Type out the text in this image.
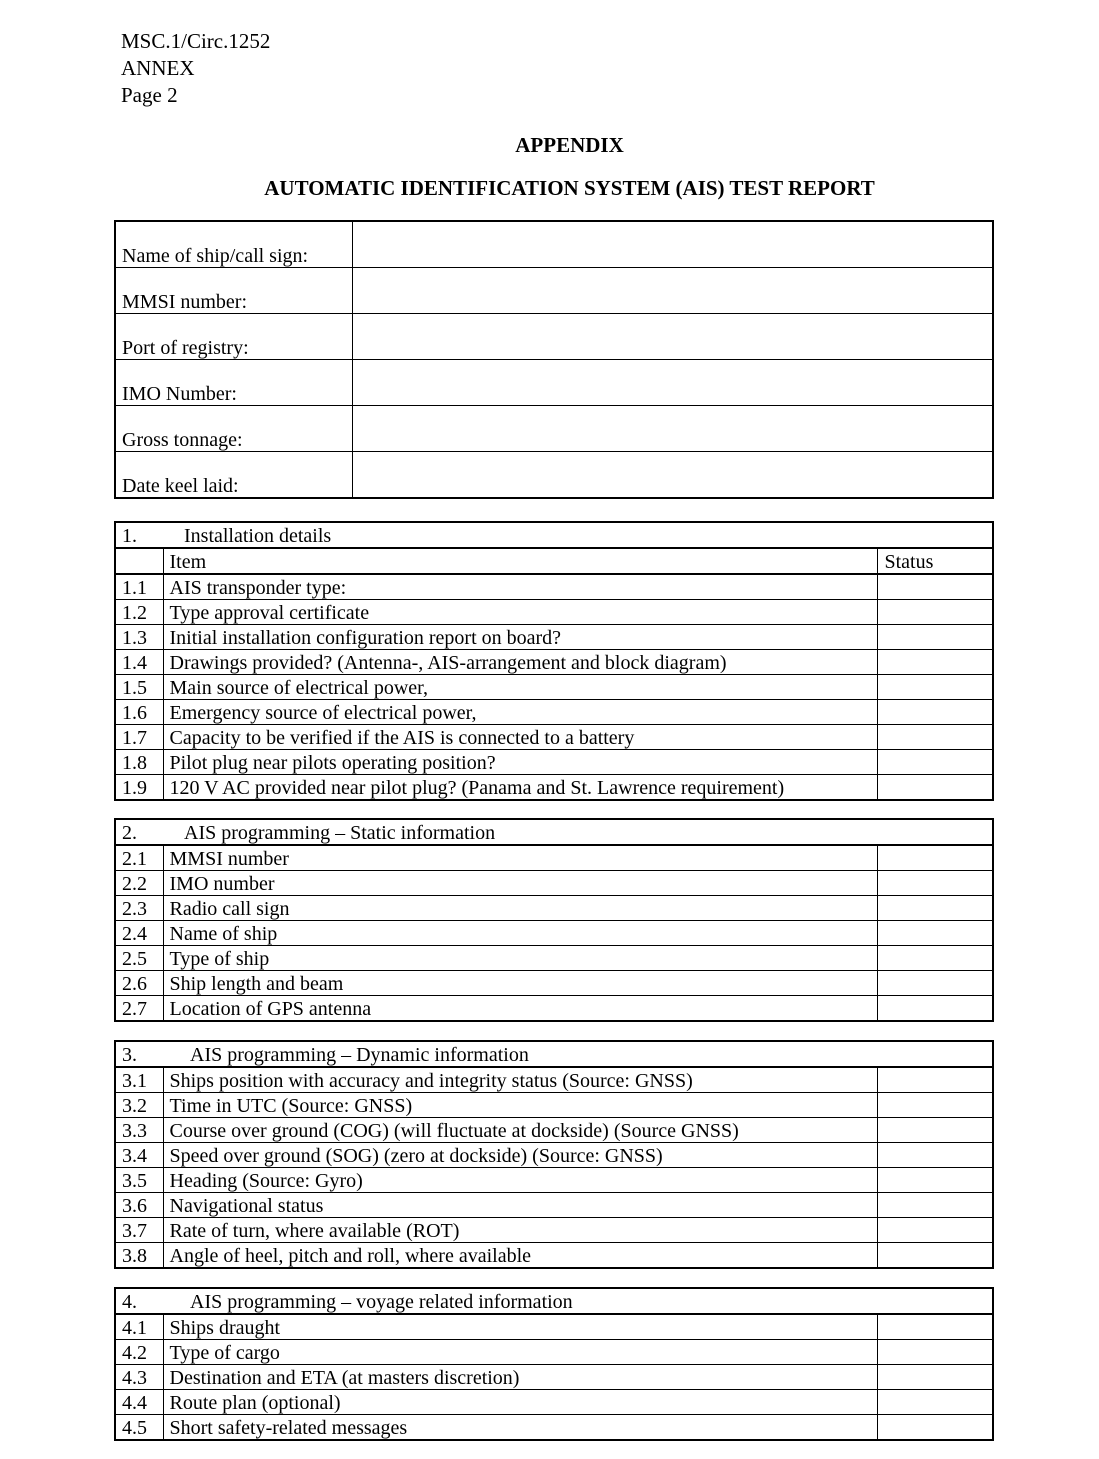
MSC.1/Circ.1252
ANNEX
Page 2
APPENDIX
AUTOMATIC IDENTIFICATION SYSTEM (AIS) TEST REPORT
Name of ship/call sign:	
MMSI number:	
Port of registry:	
IMO Number:	
Gross tonnage:	
Date keel laid:	
1. Installation details		
	Item	Status
1.1	AIS transponder type:	
1.2	Type approval certificate	
1.3	Initial installation configuration report on board?	
1.4	Drawings provided? (Antenna-, AIS-arrangement and block diagram)	
1.5	Main source of electrical power,	
1.6	Emergency source of electrical power,	
1.7	Capacity to be verified if the AIS is connected to a battery	
1.8	Pilot plug near pilots operating position?	
1.9	120 V AC provided near pilot plug? (Panama and St. Lawrence requirement)	
2. AIS programming – Static information		
2.1	MMSI number	
2.2	IMO number	
2.3	Radio call sign	
2.4	Name of ship	
2.5	Type of ship	
2.6	Ship length and beam	
2.7	Location of GPS antenna	
3. AIS programming – Dynamic information		
3.1	Ships position with accuracy and integrity status (Source: GNSS)	
3.2	Time in UTC (Source: GNSS)	
3.3	Course over ground (COG) (will fluctuate at dockside) (Source GNSS)	
3.4	Speed over ground (SOG) (zero at dockside) (Source: GNSS)	
3.5	Heading (Source: Gyro)	
3.6	Navigational status	
3.7	Rate of turn, where available (ROT)	
3.8	Angle of heel, pitch and roll, where available	
4. AIS programming – voyage related information		
4.1	Ships draught	
4.2	Type of cargo	
4.3	Destination and ETA (at masters discretion)	
4.4	Route plan (optional)	
4.5	Short safety-related messages	
